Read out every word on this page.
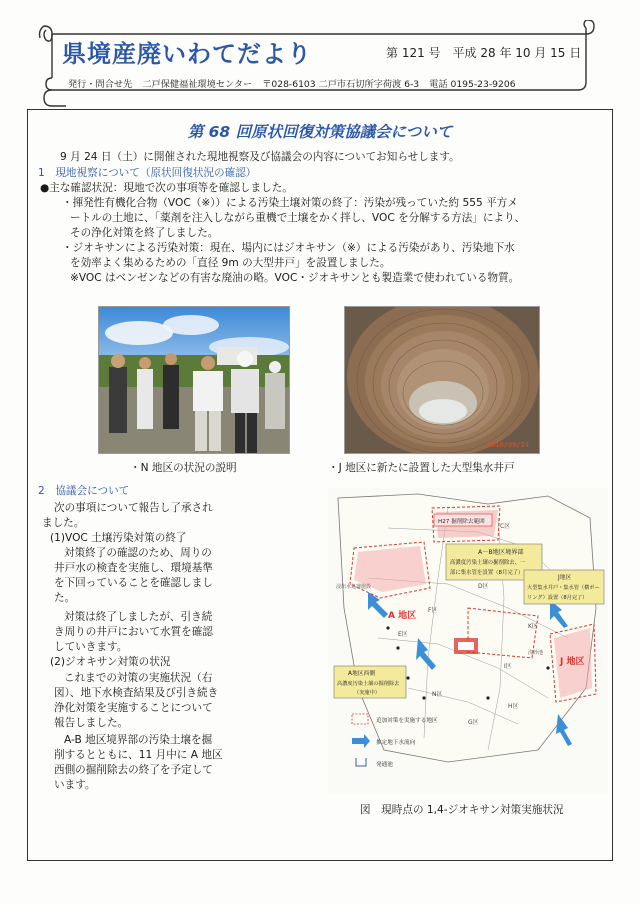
県境産廃いわてだより	第 121 号 平成 28 年 10 月 15 日
発行・問合せ先 二戸保健福祉環境センター 〒028-6103 二戸市石切所字荷渡 6-3 電話 0195-23-9206
第 68 回原状回復対策協議会について
9 月 24 日（土）に開催された現地視察及び協議会の内容についてお知らせします。
1　現地視察について（原状回復状況の確認）
●主な確認状況：現地で次の事項等を確認しました。
・揮発性有機化合物（VOC（※））による汚染土壌対策の終了：汚染が残っていた約 555 平方メ
ートルの土地に、「薬剤を注入しながら重機で土壌をかく拌し、VOC を分解する方法」により、
その浄化対策を終了しました。
・ジオキサンによる汚染対策：現在、場内にはジオキサン（※）による汚染があり、汚染地下水
を効率よく集めるための「直径 9m の大型井戸」を設置しました。
※VOC はベンゼンなどの有害な廃油の略。VOC・ジオキサンとも製造業で使われている物質。
・N 地区の状況の説明
2016/09/24
・J 地区に新たに設置した大型集水井戸
2　協議会について
次の事項について報告し了承され
ました。
(1)VOC 土壌汚染対策の終了
対策終了の確認のため、周りの
井戸水の検査を実施し、環境基準
を下回っていることを確認しまし
た。
対策は終了しましたが、引き続
き周りの井戸において水質を確認
していきます。
(2)ジオキサン対策の状況
これまでの対策の実施状況（右
図）、地下水検査結果及び引き続き
浄化対策を実施することについて
報告しました。
A-B 地区境界部の汚染土壌を掘
削するとともに、11 月中に A 地区
西側の掘削除去の終了を予定して
います。
H27 掘削除去範囲
A－B地区境界部
高濃度汚染土壌の掘削除去、一
部に集水管を設置（8月完了）
A地区西側
高濃度汚染土壌の掘削除去
（実施中）
J地区
大型集水井戸・集水管（横ボー
リング）設置（8月完了）
A 地区
J 地区
F区
N区
C区
E区
D区
K区
I区
H区
G区
沈砂池
浸出水処理施設
追加対策を実施する地区
推定地下水流向
発通池
図　現時点の 1,4-ジオキサン対策実施状況
